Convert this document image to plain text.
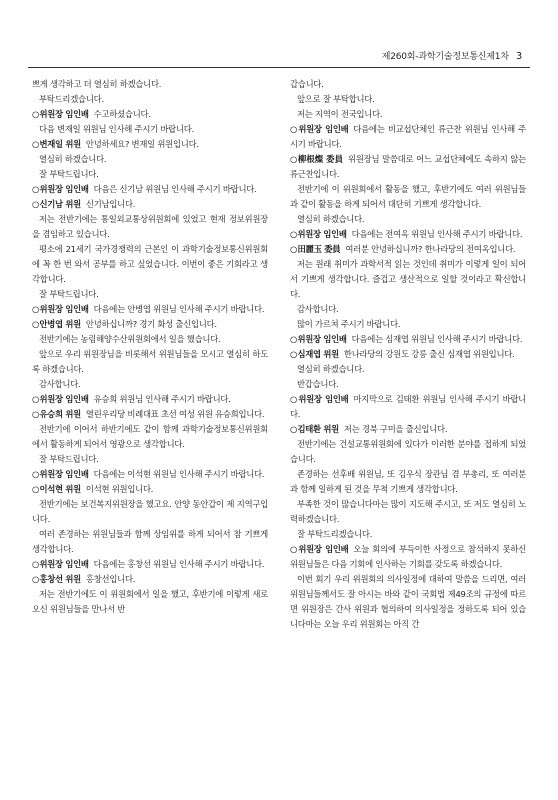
제260회-과학기술정보통신제1차 3
쁘게 생각하고 더 열심히 하겠습니다.
부탁드리겠습니다.
○위원장 임인배 수고하셨습니다.
다음 변재일 위원님 인사해 주시기 바랍니다.
○변재일 위원 안녕하세요? 변재일 위원입니다.
열심히 하겠습니다.
잘 부탁드립니다.
○위원장 임인배 다음은 신기남 위원님 인사해 주시기 바랍니다.
○신기남 위원 신기남입니다.
저는 전반기에는 통일외교통상위원회에 있었고 현재 정보위원장을 겸임하고 있습니다.
평소에 21세기 국가경쟁력의 근본인 이 과학기술정보통신위원회에 꼭 한 번 와서 공부를 하고 싶었습니다. 이번이 좋은 기회라고 생각합니다.
잘 부탁드립니다.
○위원장 임인배 다음에는 안병엽 위원님 인사해 주시기 바랍니다.
○안병엽 위원 안녕하십니까? 경기 화성 출신입니다.
전반기에는 농림해양수산위원회에서 일을 했습니다.
앞으로 우리 위원장님을 비롯해서 위원님들을 모시고 열심히 하도록 하겠습니다.
감사합니다.
○위원장 임인배 유승희 위원님 인사해 주시기 바랍니다.
○유승희 위원 열린우리당 비례대표 초선 여성 위원 유승희입니다.
전반기에 이어서 하반기에도 같이 함께 과학기술정보통신위원회에서 활동하게 되어서 영광으로 생각합니다.
잘 부탁드립니다.
○위원장 임인배 다음에는 이석현 위원님 인사해 주시기 바랍니다.
○이석현 위원 이석현 위원입니다.
전반기에는 보건복지위원장을 했고요. 안양 동안갑이 제 지역구입니다.
여러 존경하는 위원님들과 함께 상임위를 하게 되어서 참 기쁘게 생각합니다.
○위원장 임인배 다음에는 홍창선 위원님 인사해 주시기 바랍니다.
○홍창선 위원 홍창선입니다.
저는 전반기에도 이 위원회에서 일을 했고, 후반기에 이렇게 새로 오신 위원님들을 만나서 반
갑습니다.
앞으로 잘 부탁합니다.
저는 지역이 전국입니다.
○위원장 임인배 다음에는 비교섭단체인 류근찬 위원님 인사해 주시기 바랍니다.
○柳根燦 委員 위원장님 말씀대로 어느 교섭단체에도 속하지 않는 류근찬입니다.
전반기에 이 위원회에서 활동을 했고, 후반기에도 여러 위원님들과 같이 활동을 하게 되어서 대단히 기쁘게 생각합니다.
열심히 하겠습니다.
○위원장 임인배 다음에는 전여옥 위원님 인사해 주시기 바랍니다.
○田麗玉 委員 여러분 안녕하십니까? 한나라당의 전여옥입니다.
저는 원래 취미가 과학서적 읽는 것인데 취미가 이렇게 일이 되어서 기쁘게 생각합니다. 즐겁고 생산적으로 일할 것이라고 확신합니다.
감사합니다.
많이 가르쳐 주시기 바랍니다.
○위원장 임인배 다음에는 심재엽 위원님 인사해 주시기 바랍니다.
○심재엽 위원 한나라당의 강원도 강릉 출신 심재엽 위원입니다.
열심히 하겠습니다.
반갑습니다.
○위원장 임인배 마지막으로 김태환 위원님 인사해 주시기 바랍니다.
○김태환 위원 저는 경북 구미을 출신입니다.
전반기에는 건설교통위원회에 있다가 이러한 분야를 접하게 되었습니다.
존경하는 선후배 위원님, 또 김우식 장관님 겸 부총리, 또 여러분과 함께 일하게 된 것을 무척 기쁘게 생각합니다.
부족한 것이 많습니다마는 많이 지도해 주시고, 또 저도 열심히 노력하겠습니다.
잘 부탁드리겠습니다.
○위원장 임인배 오늘 회의에 부득이한 사정으로 참석하지 못하신 위원님들은 다음 기회에 인사하는 기회를 갖도록 하겠습니다.
이번 회기 우리 위원회의 의사일정에 대하여 말씀을 드리면, 여러 위원님들께서도 잘 아시는 바와 같이 국회법 제49조의 규정에 따르면 위원장은 간사 위원과 협의하여 의사일정을 정하도록 되어 있습니다마는 오늘 우리 위원회는 아직 간
